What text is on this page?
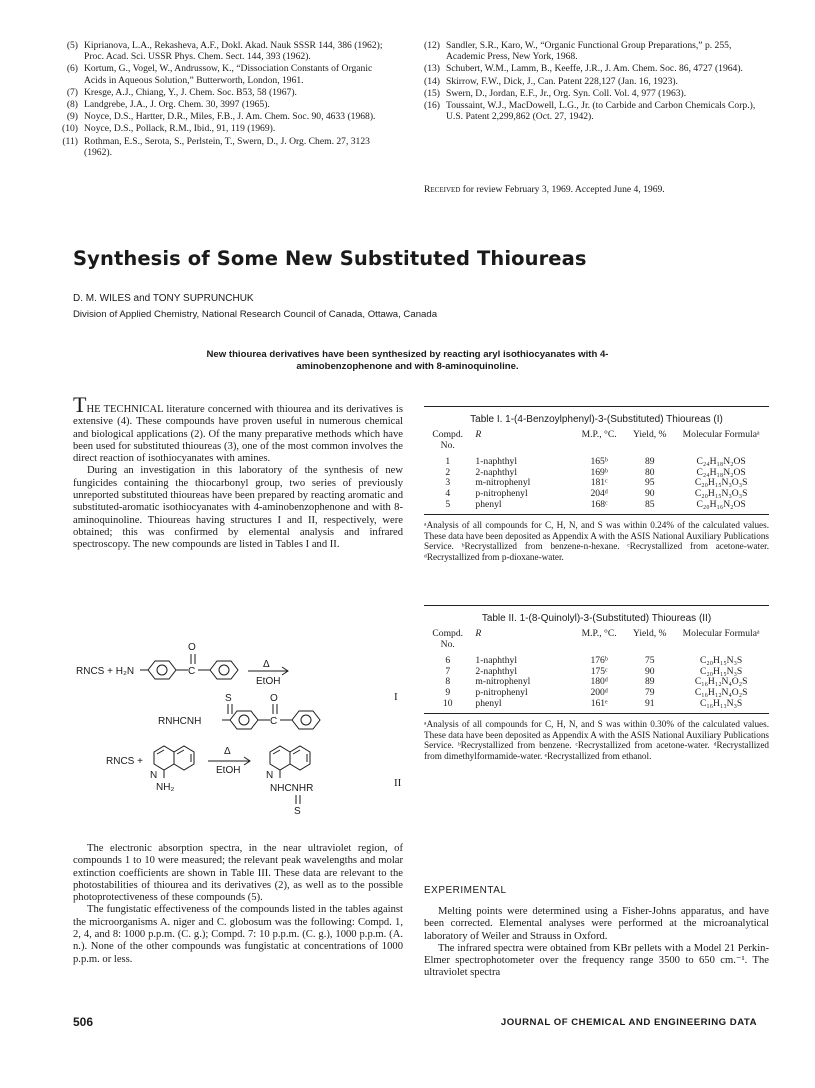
(5) Kiprianova, L.A., Rekasheva, A.F., Dokl. Akad. Nauk SSSR 144, 386 (1962); Proc. Acad. Sci. USSR Phys. Chem. Sect. 144, 393 (1962).
(6) Kortum, G., Vogel, W., Andrussow, K., “Dissociation Constants of Organic Acids in Aqueous Solution,” Butterworth, London, 1961.
(7) Kresge, A.J., Chiang, Y., J. Chem. Soc. B53, 58 (1967).
(8) Landgrebe, J.A., J. Org. Chem. 30, 3997 (1965).
(9) Noyce, D.S., Hartter, D.R., Miles, F.B., J. Am. Chem. Soc. 90, 4633 (1968).
(10) Noyce, D.S., Pollack, R.M., Ibid., 91, 119 (1969).
(11) Rothman, E.S., Serota, S., Perlstein, T., Swern, D., J. Org. Chem. 27, 3123 (1962).
(12) Sandler, S.R., Karo, W., “Organic Functional Group Preparations,” p. 255, Academic Press, New York, 1968.
(13) Schubert, W.M., Lamm, B., Keeffe, J.R., J. Am. Chem. Soc. 86, 4727 (1964).
(14) Skirrow, F.W., Dick, J., Can. Patent 228,127 (Jan. 16, 1923).
(15) Swern, D., Jordan, E.F., Jr., Org. Syn. Coll. Vol. 4, 977 (1963).
(16) Toussaint, W.J., MacDowell, L.G., Jr. (to Carbide and Carbon Chemicals Corp.), U.S. Patent 2,299,862 (Oct. 27, 1942).
Received for review February 3, 1969. Accepted June 4, 1969.
Synthesis of Some New Substituted Thioureas
D. M. WILES and TONY SUPRUNCHUK
Division of Applied Chemistry, National Research Council of Canada, Ottawa, Canada
New thiourea derivatives have been synthesized by reacting aryl isothiocyanates with 4-aminobenzophenone and with 8-aminoquinoline.

THE TECHNICAL literature concerned with thiourea and its derivatives is extensive (4). These compounds have proven useful in numerous chemical and biological applications (2). Of the many preparative methods which have been used for substituted thioureas (3), one of the most common involves the direct reaction of isothiocyanates with amines.

During an investigation in this laboratory of the synthesis of new fungicides containing the thiocarbonyl group, two series of previously unreported substituted thioureas have been prepared by reacting aromatic and substituted-aromatic isothiocyanates with 4-aminobenzophenone and with 8-aminoquinoline. Thioureas having structures I and II, respectively, were obtained; this was confirmed by elemental analysis and infrared spectroscopy. The new compounds are listed in Tables I and II.

RNCS + H₂N
O
C
Δ
EtOH
S	O
RNHCNH	C
I
RNCS +
N
NH₂
Δ
EtOH	N
NHCNHR
S
II

The electronic absorption spectra, in the near ultraviolet region, of compounds 1 to 10 were measured; the relevant peak wavelengths and molar extinction coefficients are shown in Table III. These data are relevant to the photostabilities of thiourea and its derivatives (2), as well as to the possible photoprotectiveness of these compounds (5).

The fungistatic effectiveness of the compounds listed in the tables against the microorganisms A. niger and C. globosum was the following: Compd. 1, 2, 4, and 8: 1000 p.p.m. (C. g.); Compd. 7: 10 p.p.m. (C. g.), 1000 p.p.m. (A. n.). None of the other compounds was fungistatic at concentrations of 1000 p.p.m. or less.

Table I. 1-(4-Benzoylphenyl)-3-(Substituted) Thioureas (I)
Compd. No.	R	M.P., °C.	Yield, %	Molecular Formulaᵃ
1	1-naphthyl	165ᵇ	89	C₂₄H₁₈N₂OS
2	2-naphthyl	169ᵇ	80	C₂₄H₁₈N₂OS
3	m-nitrophenyl	181ᶜ	95	C₂₀H₁₅N₃O₃S
4	p-nitrophenyl	204ᵈ	90	C₂₀H₁₅N₃O₃S
5	phenyl	168ᶜ	85	C₂₀H₁₆N₂OS
ᵃAnalysis of all compounds for C, H, N, and S was within 0.24% of the calculated values. These data have been deposited as Appendix A with the ASIS National Auxiliary Publications Service. ᵇRecrystallized from benzene-n-hexane. ᶜRecrystallized from acetone-water. ᵈRecrystallized from p-dioxane-water.
Table II. 1-(8-Quinolyl)-3-(Substituted) Thioureas (II)
Compd. No.	R	M.P., °C.	Yield, %	Molecular Formulaᵃ
6	1-naphthyl	176ᵇ	75	C₂₀H₁₅N₃S
7	2-naphthyl	175ᶜ	90	C₂₀H₁₅N₃S
8	m-nitrophenyl	180ᵈ	89	C₁₆H₁₂N₄O₂S
9	p-nitrophenyl	200ᵈ	79	C₁₆H₁₂N₄O₂S
10	phenyl	161ᵉ	91	C₁₆H₁₃N₃S
ᵃAnalysis of all compounds for C, H, N, and S was within 0.30% of the calculated values. These data have been deposited as Appendix A with the ASIS National Auxiliary Publications Service. ᵇRecrystallized from benzene. ᶜRecrystallized from acetone-water. ᵈRecrystallized from dimethylformamide-water. ᵉRecrystallized from ethanol.
EXPERIMENTAL

Melting points were determined using a Fisher-Johns apparatus, and have been corrected. Elemental analyses were performed at the microanalytical laboratory of Weiler and Strauss in Oxford.

The infrared spectra were obtained from KBr pellets with a Model 21 Perkin-Elmer spectrophotometer over the frequency range 3500 to 650 cm.⁻¹. The ultraviolet spectra

506	JOURNAL OF CHEMICAL AND ENGINEERING DATA
